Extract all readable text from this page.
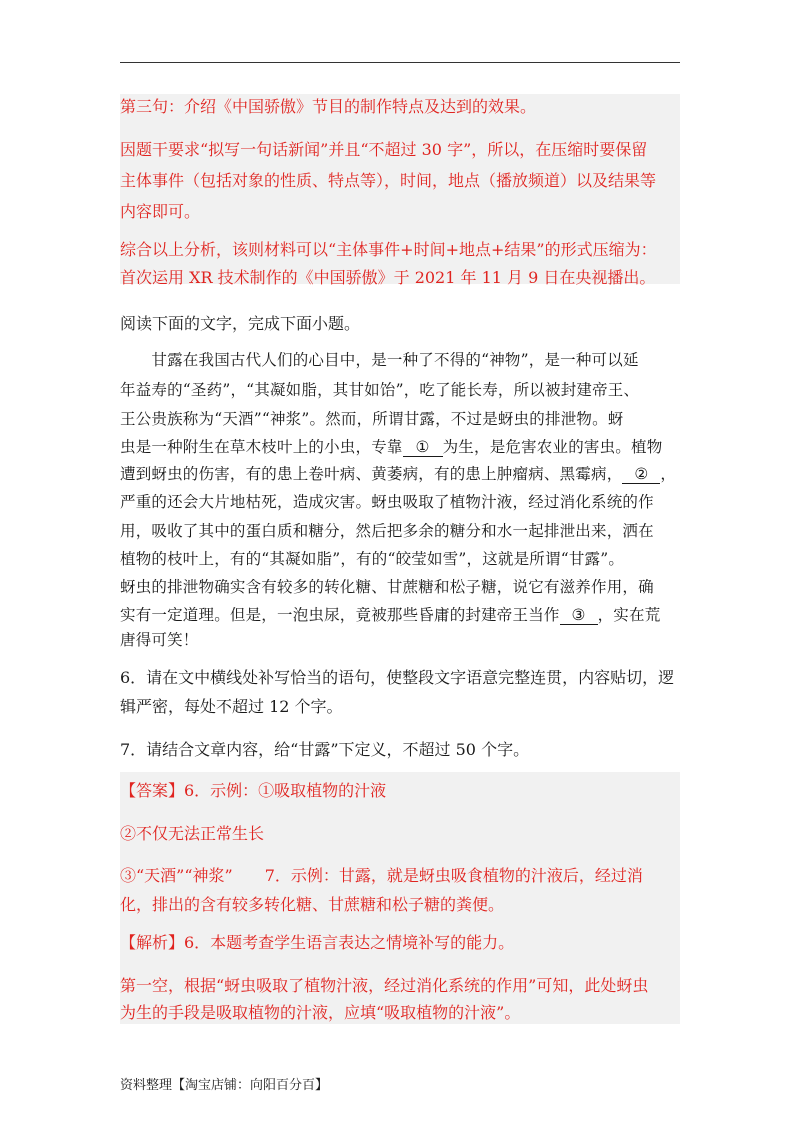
第三句：介绍《中国骄傲》节目的制作特点及达到的效果。
因题干要求“拟写一句话新闻”并且“不超过 30 字”，所以，在压缩时要保留
主体事件（包括对象的性质、特点等），时间，地点（播放频道）以及结果等
内容即可。
综合以上分析，该则材料可以“主体事件+时间+地点+结果”的形式压缩为：
首次运用 XR 技术制作的《中国骄傲》于 2021 年 11 月 9 日在央视播出。
阅读下面的文字，完成下面小题。
　　甘露在我国古代人们的心目中，是一种了不得的“神物”，是一种可以延
年益寿的“圣药”，“其凝如脂，其甘如饴”，吃了能长寿，所以被封建帝王、
王公贵族称为“天酒”“神浆”。然而，所谓甘露，不过是蚜虫的排泄物。蚜
虫是一种附生在草木枝叶上的小虫，专靠 ① 为生，是危害农业的害虫。植物
遭到蚜虫的伤害，有的患上卷叶病、黄萎病，有的患上肿瘤病、黑霉病， ② ，
严重的还会大片地枯死，造成灾害。蚜虫吸取了植物汁液，经过消化系统的作
用，吸收了其中的蛋白质和糖分，然后把多余的糖分和水一起排泄出来，洒在
植物的枝叶上，有的“其凝如脂”，有的“皎莹如雪”，这就是所谓“甘露”。
蚜虫的排泄物确实含有较多的转化糖、甘蔗糖和松子糖，说它有滋养作用，确
实有一定道理。但是，一泡虫尿，竟被那些昏庸的封建帝王当作 ③ ，实在荒
唐得可笑！
6．请在文中横线处补写恰当的语句，使整段文字语意完整连贯，内容贴切，逻
辑严密，每处不超过 12 个字。
7．请结合文章内容，给“甘露”下定义，不超过 50 个字。
【答案】6．示例：①吸取植物的汁液
②不仅无法正常生长
③“天酒”“神浆”　　7．示例：甘露，就是蚜虫吸食植物的汁液后，经过消
化，排出的含有较多转化糖、甘蔗糖和松子糖的粪便。
【解析】6．本题考查学生语言表达之情境补写的能力。
第一空，根据“蚜虫吸取了植物汁液，经过消化系统的作用”可知，此处蚜虫
为生的手段是吸取植物的汁液，应填“吸取植物的汁液”。
资料整理【淘宝店铺：向阳百分百】
